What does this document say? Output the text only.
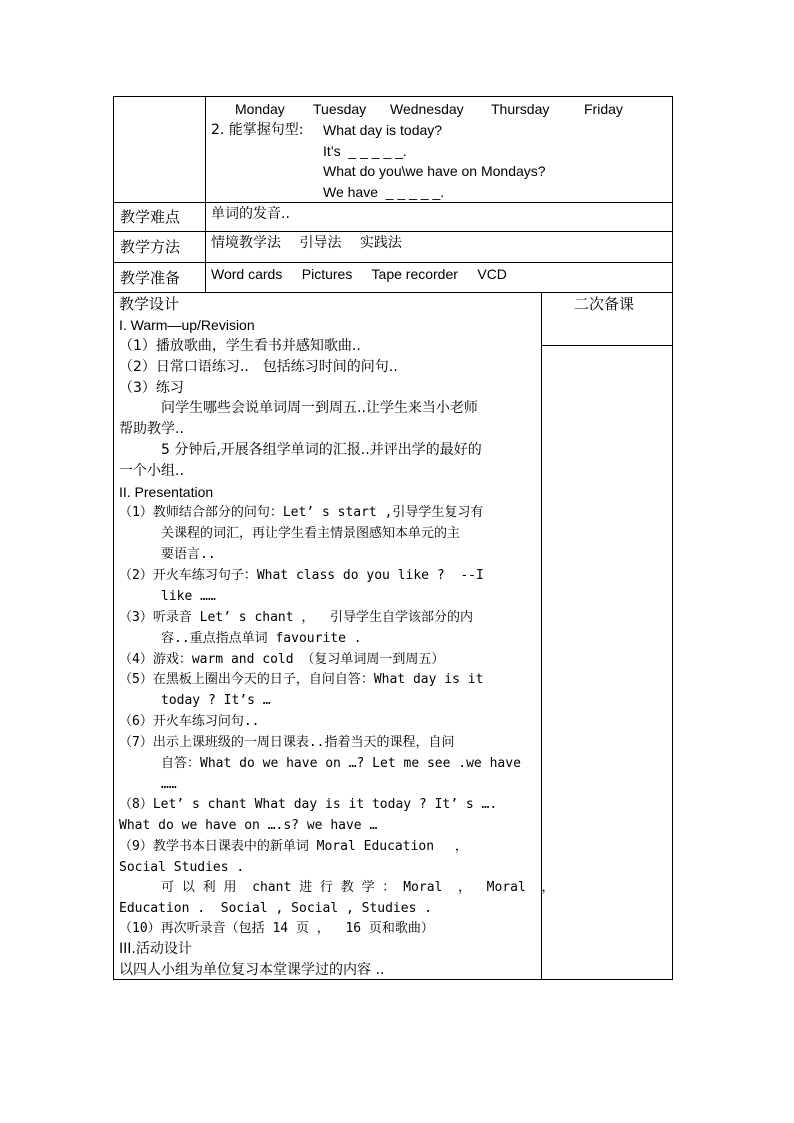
Monday Tuesday Wednesday Thursday Friday
2. 能掌握句型: What day is today?
It’s  _ _ _ _ _.
What do you\we have on Mondays?
We have  _ _ _ _ _.
教学难点 单词的发音..
教学方法 情境教学法　 引导法　 实践法
教学准备 Word cards     Pictures     Tape recorder     VCD
二次备课
教学设计
I. Warm—up/Revision
（1）播放歌曲，学生看书并感知歌曲..
（2）日常口语练习..　包括练习时间的问句..
（3）练习
问学生哪些会说单词周一到周五..让学生来当小老师
帮助教学..
5 分钟后,开展各组学单词的汇报..并评出学的最好的
一个小组..
II. Presentation
（1）教师结合部分的问句：Let’ s start ,引导学生复习有
关课程的词汇，再让学生看主情景图感知本单元的主
要语言..
（2）开火车练习句子：What class do you like ?  --I
like ……
（3）听录音 Let’ s chant ，  引导学生自学该部分的内
容..重点指点单词 favourite .
（4）游戏：warm and cold （复习单词周一到周五）
（5）在黑板上圈出今天的日子，自问自答：What day is it
today ? It’s …
（6）开火车练习问句..
（7）出示上课班级的一周日课表..指着当天的课程，自问
自答：What do we have on …? Let me see .we have
……
（8）Let’ s chant What day is it today ? It’ s ….
What do we have on ….s? we have …
（9）教学书本日课表中的新单词 Moral Education　 ，
Social Studies .
可 以 利 用  chant 进 行 教 学 ： Moral  ，  Moral  ，
Education .  Social , Social , Studies .
（10）再次听录音（包括 14 页 ，  16 页和歌曲）
III.活动设计
以四人小组为单位复习本堂课学过的内容 ..
